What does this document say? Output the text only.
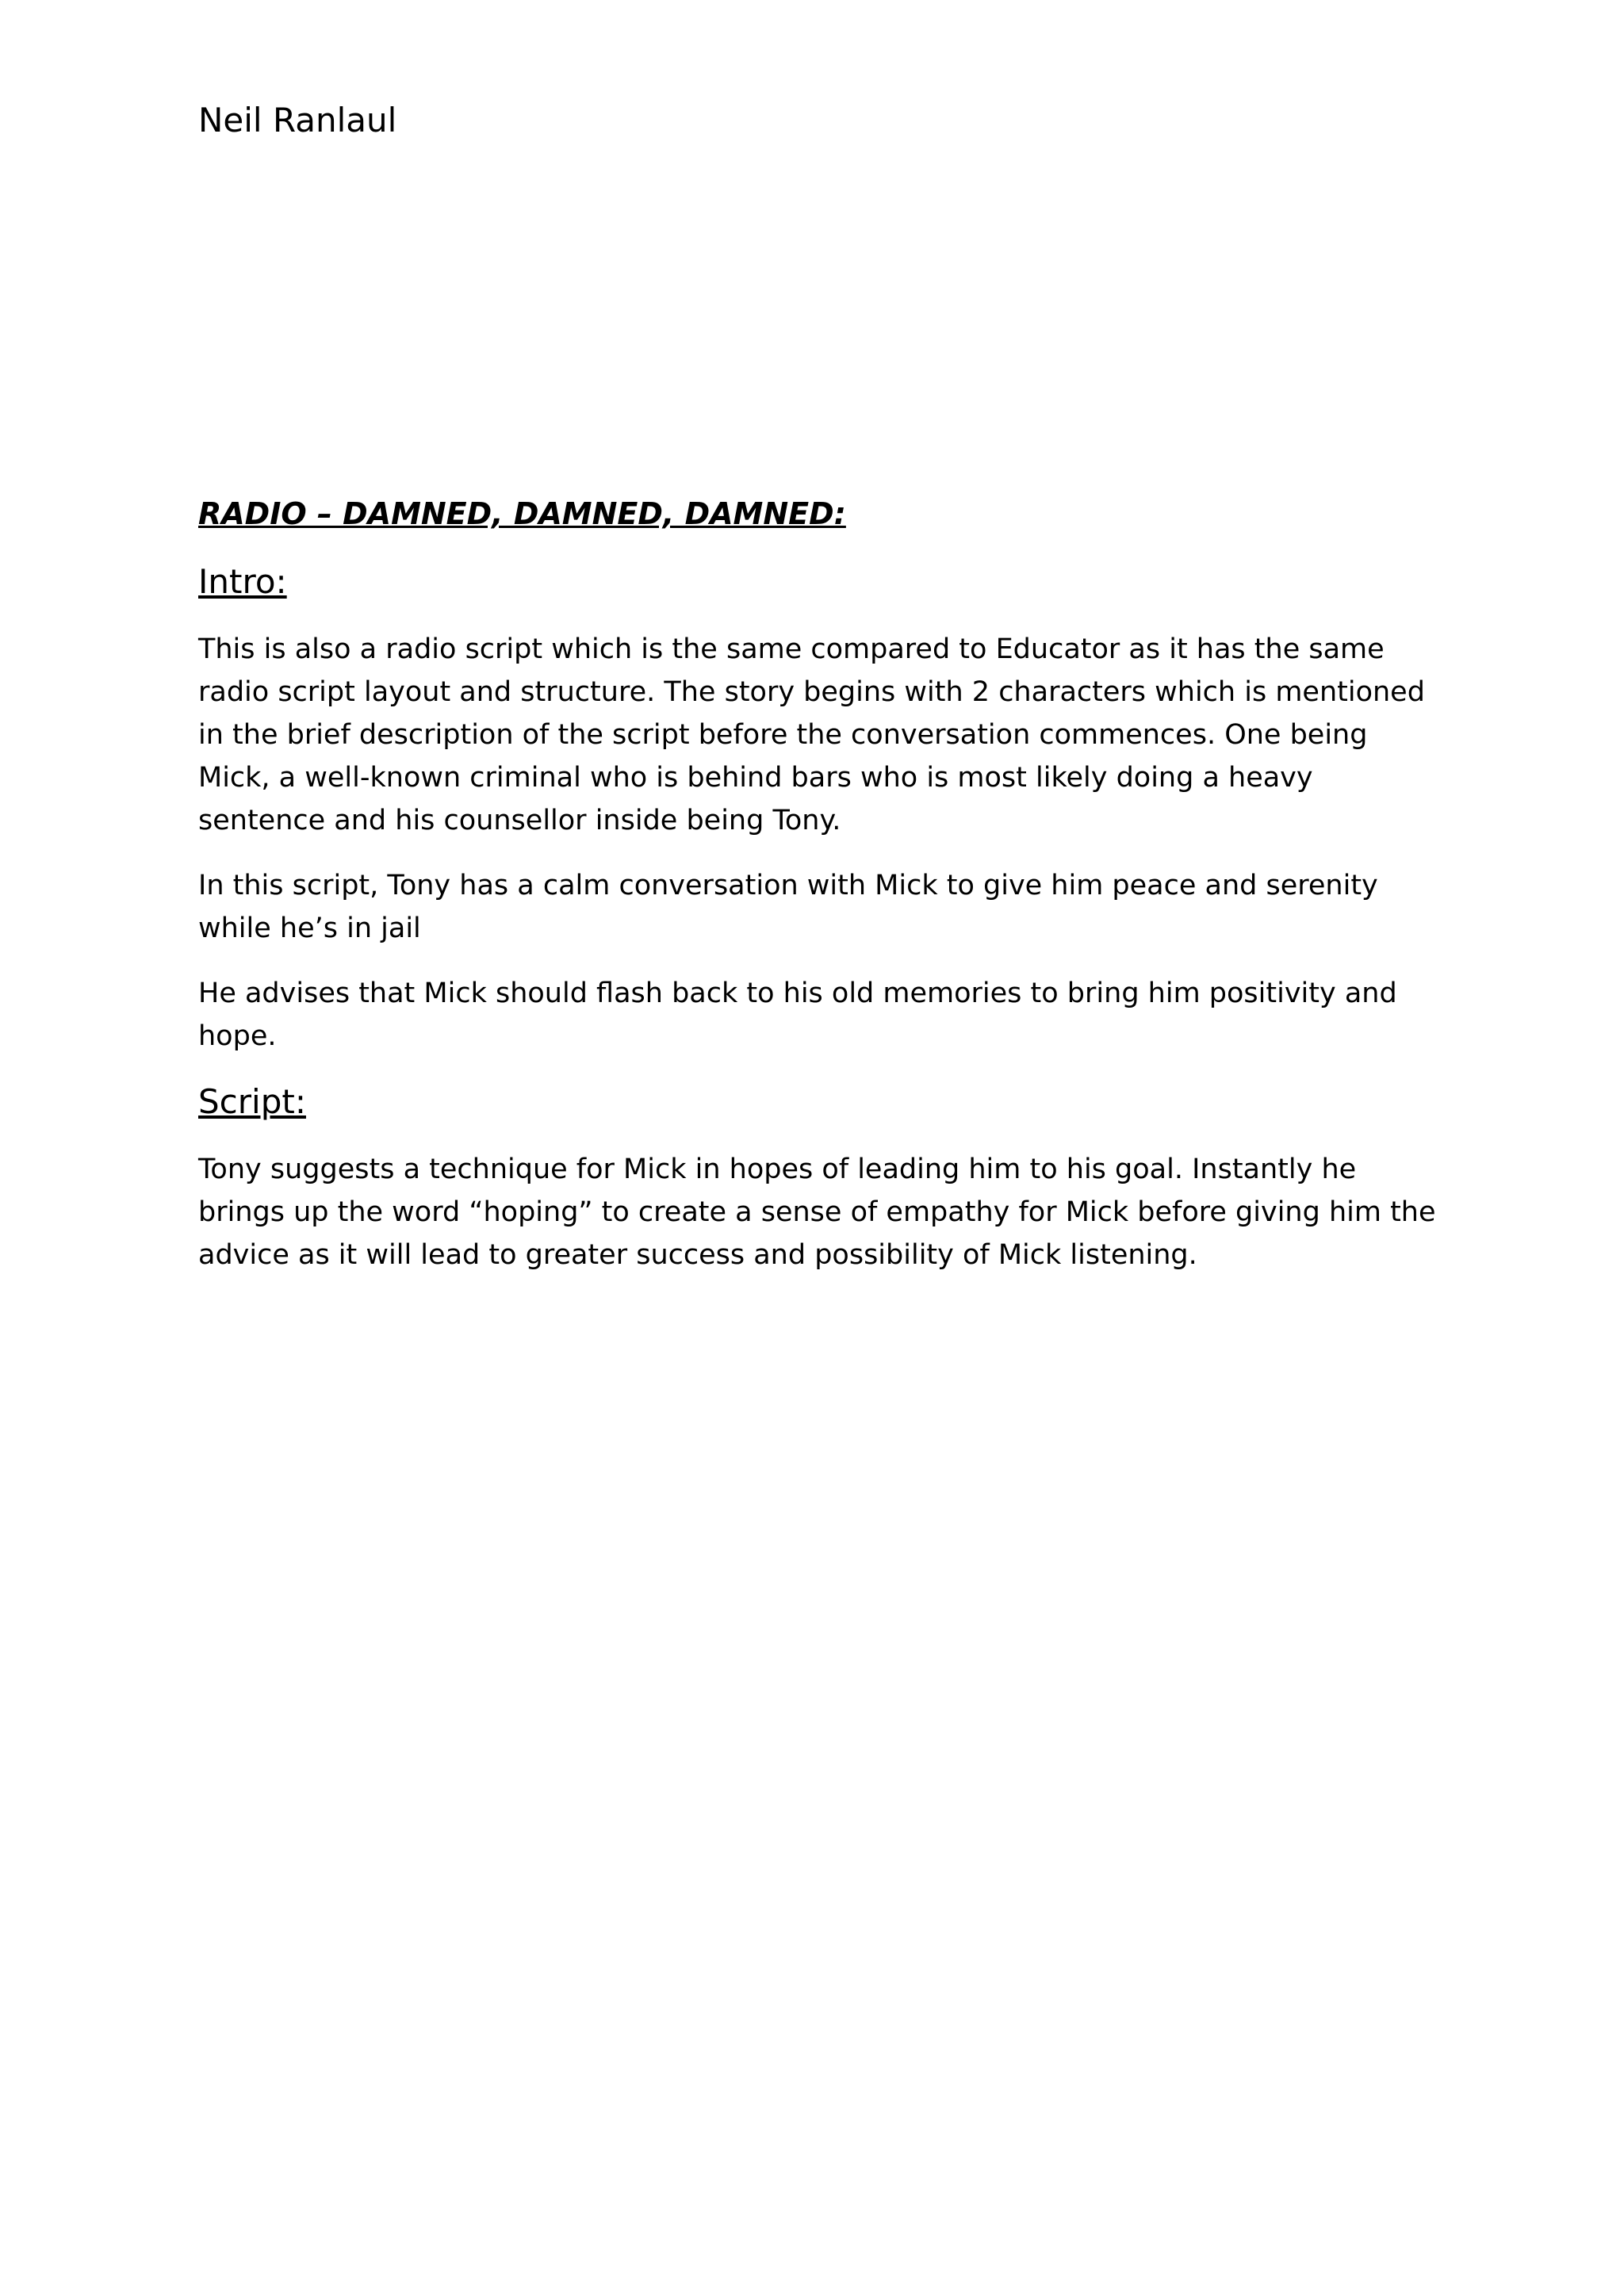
Neil Ranlaul

RADIO – DAMNED, DAMNED, DAMNED:
Intro:

This is also a radio script which is the same compared to Educator as it has the same radio script layout and structure. The story begins with 2 characters which is mentioned in the brief description of the script before the conversation commences. One being Mick, a well-known criminal who is behind bars who is most likely doing a heavy sentence and his counsellor inside being Tony.

In this script, Tony has a calm conversation with Mick to give him peace and serenity while he’s in jail

He advises that Mick should flash back to his old memories to bring him positivity and hope.

Script:

Tony suggests a technique for Mick in hopes of leading him to his goal. Instantly he brings up the word “hoping” to create a sense of empathy for Mick before giving him the advice as it will lead to greater success and possibility of Mick listening.
